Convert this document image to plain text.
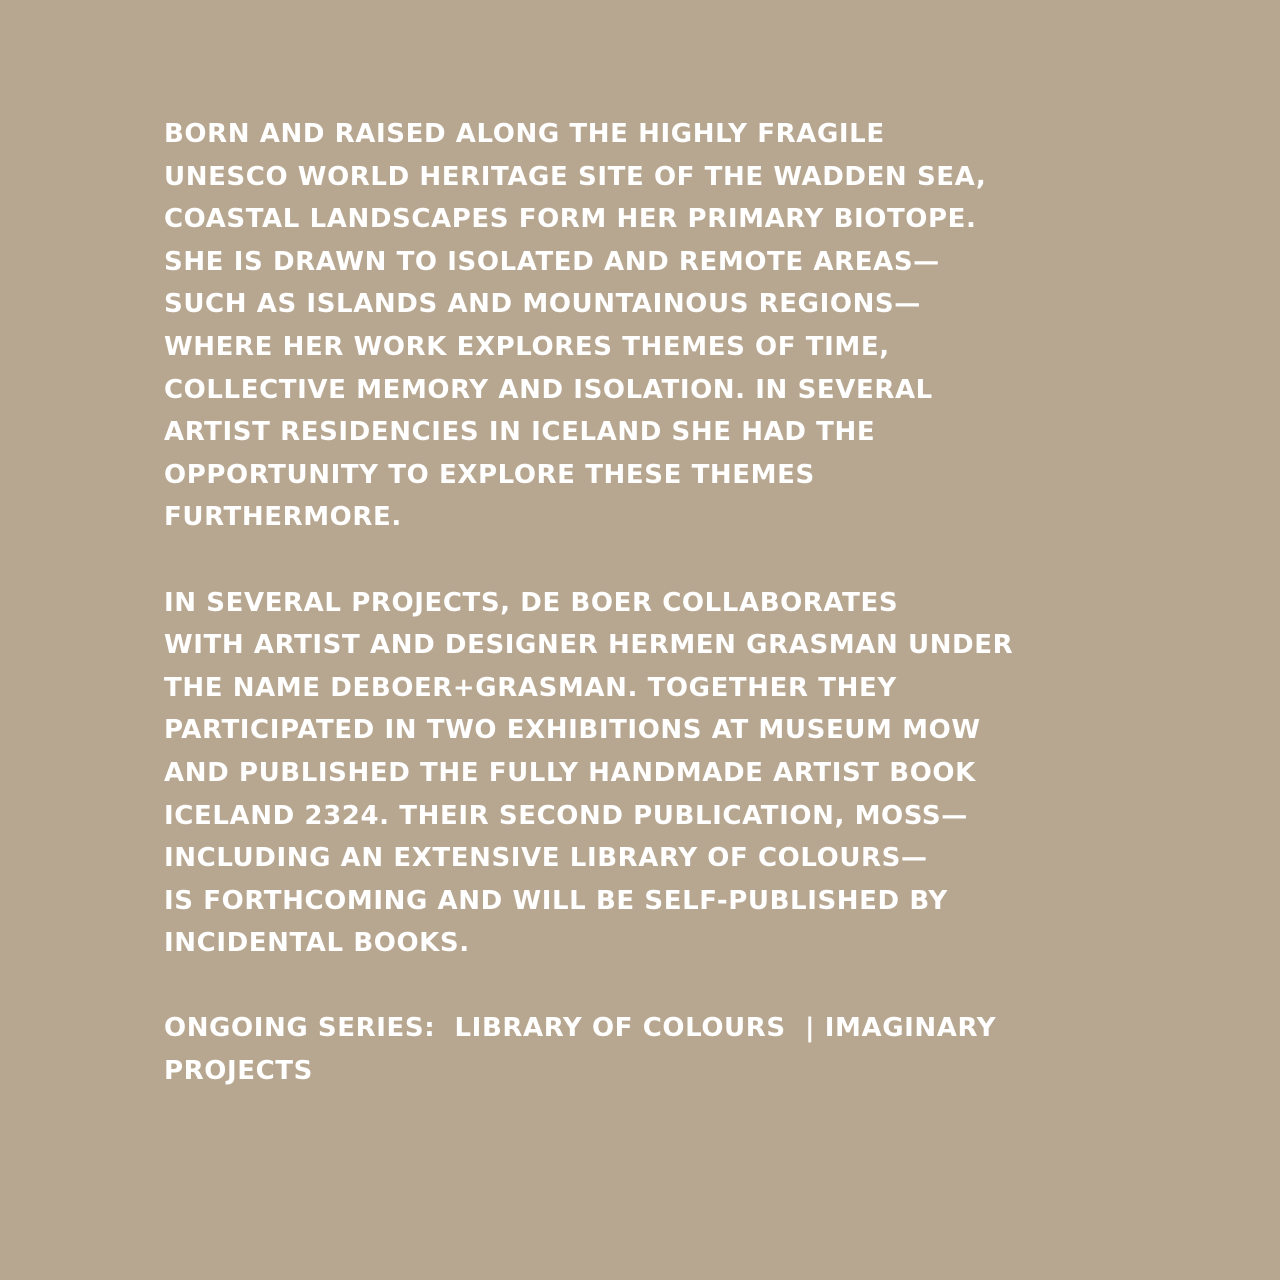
BORN AND RAISED ALONG THE HIGHLY FRAGILE
UNESCO WORLD HERITAGE SITE OF THE WADDEN SEA,
COASTAL LANDSCAPES FORM HER PRIMARY BIOTOPE.
SHE IS DRAWN TO ISOLATED AND REMOTE AREAS—
SUCH AS ISLANDS AND MOUNTAINOUS REGIONS—
WHERE HER WORK EXPLORES THEMES OF TIME,
COLLECTIVE MEMORY AND ISOLATION. IN SEVERAL
ARTIST RESIDENCIES IN ICELAND SHE HAD THE
OPPORTUNITY TO EXPLORE THESE THEMES
FURTHERMORE.

IN SEVERAL PROJECTS, DE BOER COLLABORATES
WITH ARTIST AND DESIGNER HERMEN GRASMAN UNDER
THE NAME DEBOER+GRASMAN. TOGETHER THEY
PARTICIPATED IN TWO EXHIBITIONS AT MUSEUM MOW
AND PUBLISHED THE FULLY HANDMADE ARTIST BOOK
ICELAND 2324. THEIR SECOND PUBLICATION, MOSS—
INCLUDING AN EXTENSIVE LIBRARY OF COLOURS—
IS FORTHCOMING AND WILL BE SELF-PUBLISHED BY
INCIDENTAL BOOKS.

ONGOING SERIES:  LIBRARY OF COLOURS  | IMAGINARY
PROJECTS
